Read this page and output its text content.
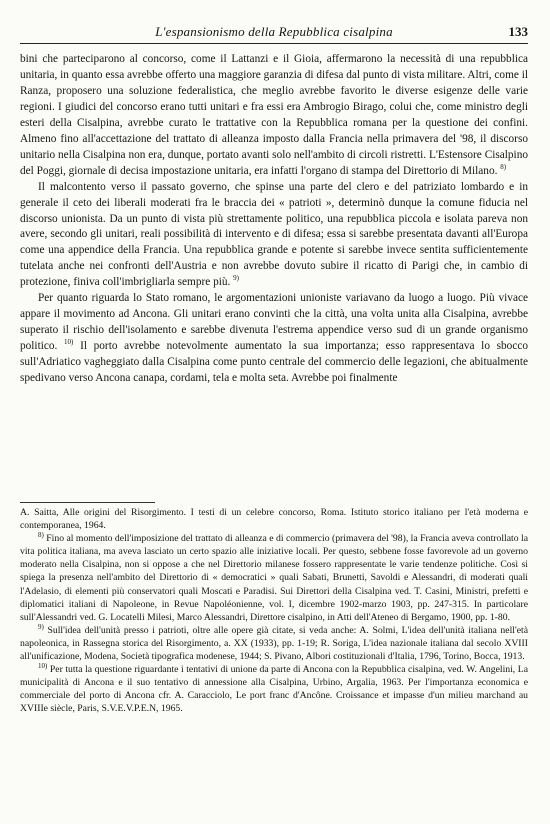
L'espansionismo della Repubblica cisalpina	133

bini che parteciparono al concorso, come il Lattanzi e il Gioia, affermarono la necessità di una repubblica unitaria, in quanto essa avrebbe offerto una maggiore garanzia di difesa dal punto di vista militare. Altri, come il Ranza, proposero una soluzione federalistica, che meglio avrebbe favorito le diverse esigenze delle varie regioni. I giudici del concorso erano tutti unitari e fra essi era Ambrogio Birago, colui che, come ministro degli esteri della Cisalpina, avrebbe curato le trattative con la Repubblica romana per la questione dei confini. Almeno fino all'accettazione del trattato di alleanza imposto dalla Francia nella primavera del '98, il discorso unitario nella Cisalpina non era, dunque, portato avanti solo nell'ambito di circoli ristretti. L'Estensore Cisalpino del Poggi, giornale di decisa impostazione unitaria, era infatti l'organo di stampa del Direttorio di Milano. $^{8)}$

Il malcontento verso il passato governo, che spinse una parte del clero e del patriziato lombardo e in generale il ceto dei liberali moderati fra le braccia dei « patrioti », determinò dunque la comune fiducia nel discorso unionista. Da un punto di vista più strettamente politico, una repubblica piccola e isolata pareva non avere, secondo gli unitari, reali possibilità di intervento e di difesa; essa si sarebbe presentata davanti all'Europa come una appendice della Francia. Una repubblica grande e potente si sarebbe invece sentita sufficientemente tutelata anche nei confronti dell'Austria e non avrebbe dovuto subire il ricatto di Parigi che, in cambio di protezione, finiva coll'imbrigliarla sempre più. $^{9)}$

Per quanto riguarda lo Stato romano, le argomentazioni unioniste variavano da luogo a luogo. Più vivace appare il movimento ad Ancona. Gli unitari erano convinti che la città, una volta unita alla Cisalpina, avrebbe superato il rischio dell'isolamento e sarebbe divenuta l'estrema appendice verso sud di un grande organismo politico. $^{10)}$ Il porto avrebbe notevolmente aumentato la sua importanza; esso rappresentava lo sbocco sull'Adriatico vagheggiato dalla Cisalpina come punto centrale del commercio delle legazioni, che abitualmente spedivano verso Ancona canapa, cordami, tela e molta seta. Avrebbe poi finalmente

A. Saitta, Alle origini del Risorgimento. I testi di un celebre concorso, Roma. Istituto storico italiano per l'età moderna e contemporanea, 1964.

$^{8)}$ Fino al momento dell'imposizione del trattato di alleanza e di commercio (primavera del '98), la Francia aveva controllato la vita politica italiana, ma aveva lasciato un certo spazio alle iniziative locali. Per questo, sebbene fosse favorevole ad un governo moderato nella Cisalpina, non si oppose a che nel Direttorio milanese fossero rappresentate le varie tendenze politiche. Così si spiega la presenza nell'ambito del Direttorio di « democratici » quali Sabati, Brunetti, Savoldi e Alessandri, di moderati quali l'Adelasio, di elementi più conservatori quali Moscati e Paradisi. Sui Direttori della Cisalpina ved. T. Casini, Ministri, prefetti e diplomatici italiani di Napoleone, in Revue Napoléonienne, vol. I, dicembre 1902-marzo 1903, pp. 247-315. In particolare sull'Alessandri ved. G. Locatelli Milesi, Marco Alessandri, Direttore cisalpino, in Atti dell'Ateneo di Bergamo, 1900, pp. 1-80.

$^{9)}$ Sull'idea dell'unità presso i patrioti, oltre alle opere già citate, si veda anche: A. Solmi, L'idea dell'unità italiana nell'età napoleonica, in Rassegna storica del Risorgimento, a. XX (1933), pp. 1-19; R. Soriga, L'idea nazionale italiana dal secolo XVIII all'unificazione, Modena, Società tipografica modenese, 1944; S. Pivano, Albori costituzionali d'Italia, 1796, Torino, Bocca, 1913.

$^{10)}$ Per tutta la questione riguardante i tentativi di unione da parte di Ancona con la Repubblica cisalpina, ved. W. Angelini, La municipalità di Ancona e il suo tentativo di annessione alla Cisalpina, Urbino, Argalia, 1963. Per l'importanza economica e commerciale del porto di Ancona cfr. A. Caracciolo, Le port franc d'Ancône. Croissance et impasse d'un milieu marchand au XVIIIe siècle, Paris, S.V.E.V.P.E.N, 1965.
